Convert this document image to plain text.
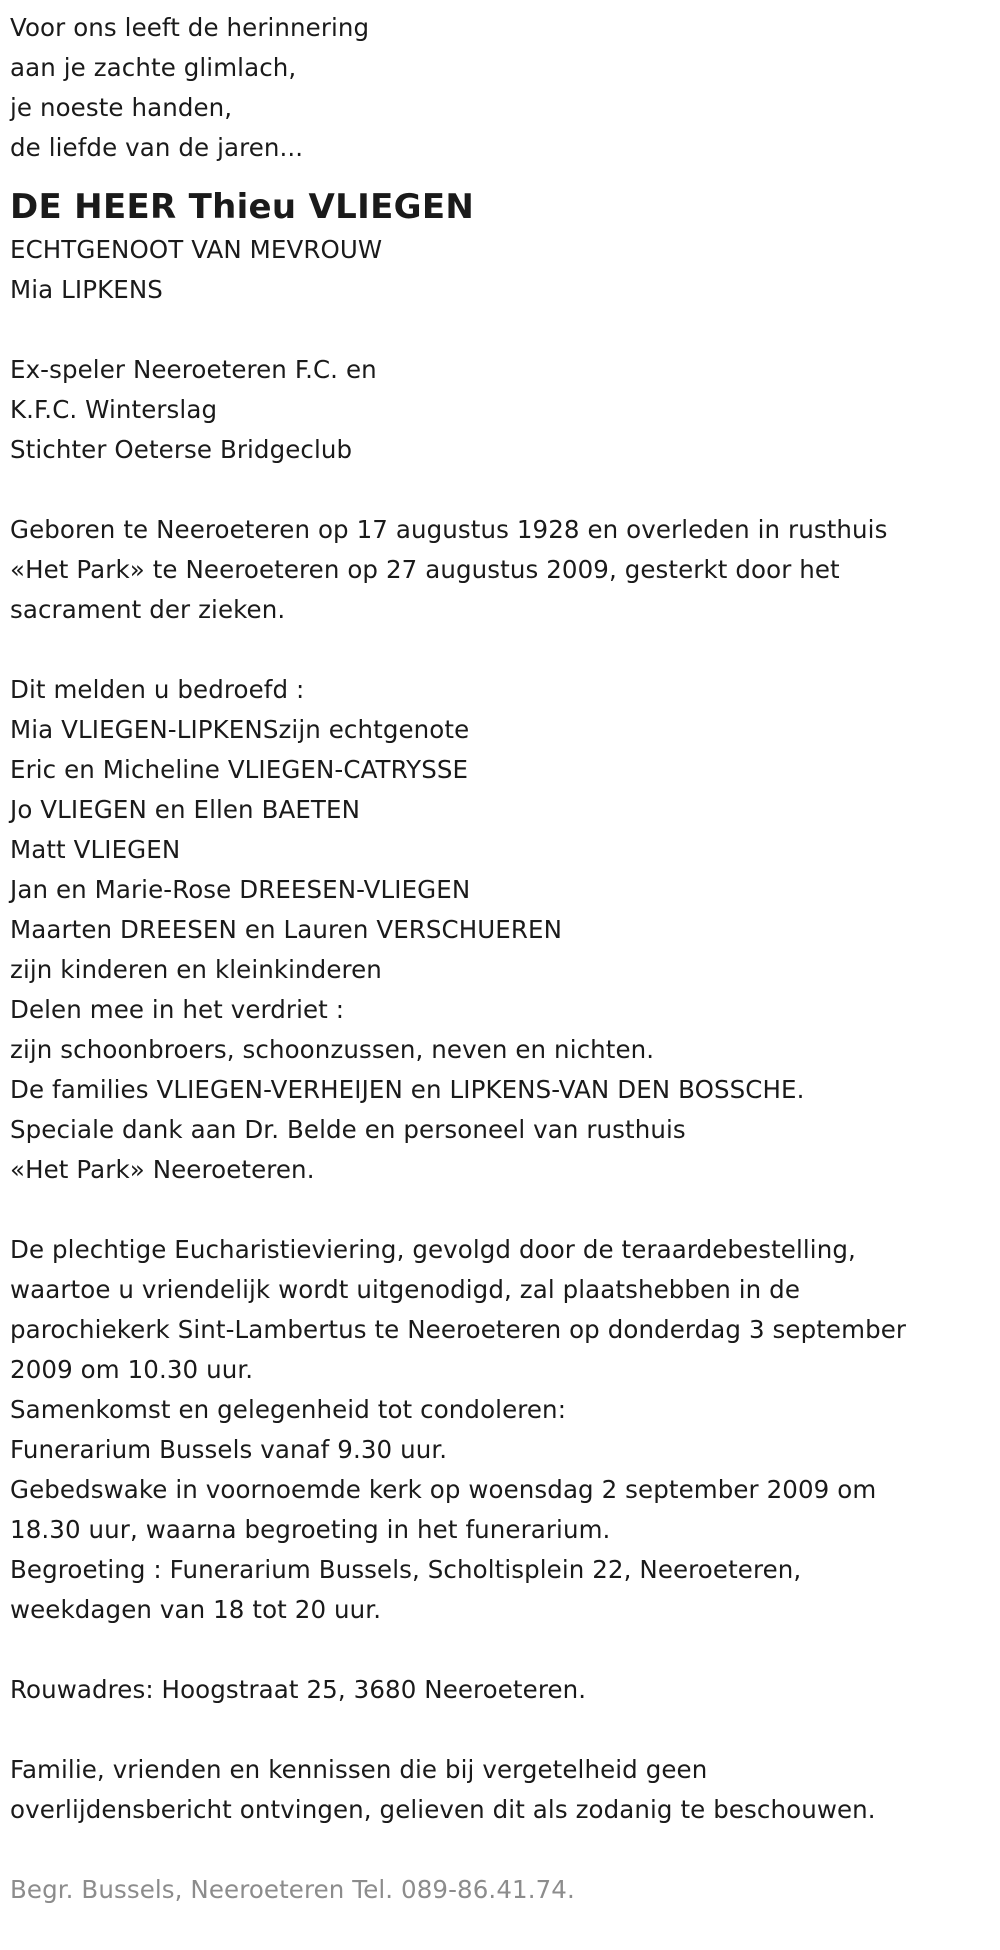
Voor ons leeft de herinnering
aan je zachte glimlach,
je noeste handen,
de liefde van de jaren...
DE HEER Thieu VLIEGEN
ECHTGENOOT VAN MEVROUW
Mia LIPKENS
Ex-speler Neeroeteren F.C. en
K.F.C. Winterslag
Stichter Oeterse Bridgeclub
Geboren te Neeroeteren op 17 augustus 1928 en overleden in rusthuis
«Het Park» te Neeroeteren op 27 augustus 2009, gesterkt door het
sacrament der zieken.
Dit melden u bedroefd :
Mia VLIEGEN-LIPKENSzijn echtgenote
Eric en Micheline VLIEGEN-CATRYSSE
Jo VLIEGEN en Ellen BAETEN
Matt VLIEGEN
Jan en Marie-Rose DREESEN-VLIEGEN
Maarten DREESEN en Lauren VERSCHUEREN
zijn kinderen en kleinkinderen
Delen mee in het verdriet :
zijn schoonbroers, schoonzussen, neven en nichten.
De families VLIEGEN-VERHEIJEN en LIPKENS-VAN DEN BOSSCHE.
Speciale dank aan Dr. Belde en personeel van rusthuis
«Het Park» Neeroeteren.
De plechtige Eucharistieviering, gevolgd door de teraardebestelling,
waartoe u vriendelijk wordt uitgenodigd, zal plaatshebben in de
parochiekerk Sint-Lambertus te Neeroeteren op donderdag 3 september
2009 om 10.30 uur.
Samenkomst en gelegenheid tot condoleren:
Funerarium Bussels vanaf 9.30 uur.
Gebedswake in voornoemde kerk op woensdag 2 september 2009 om
18.30 uur, waarna begroeting in het funerarium.
Begroeting : Funerarium Bussels, Scholtisplein 22, Neeroeteren,
weekdagen van 18 tot 20 uur.
Rouwadres: Hoogstraat 25, 3680 Neeroeteren.
Familie, vrienden en kennissen die bij vergetelheid geen
overlijdensbericht ontvingen, gelieven dit als zodanig te beschouwen.
Begr. Bussels, Neeroeteren Tel. 089-86.41.74.
